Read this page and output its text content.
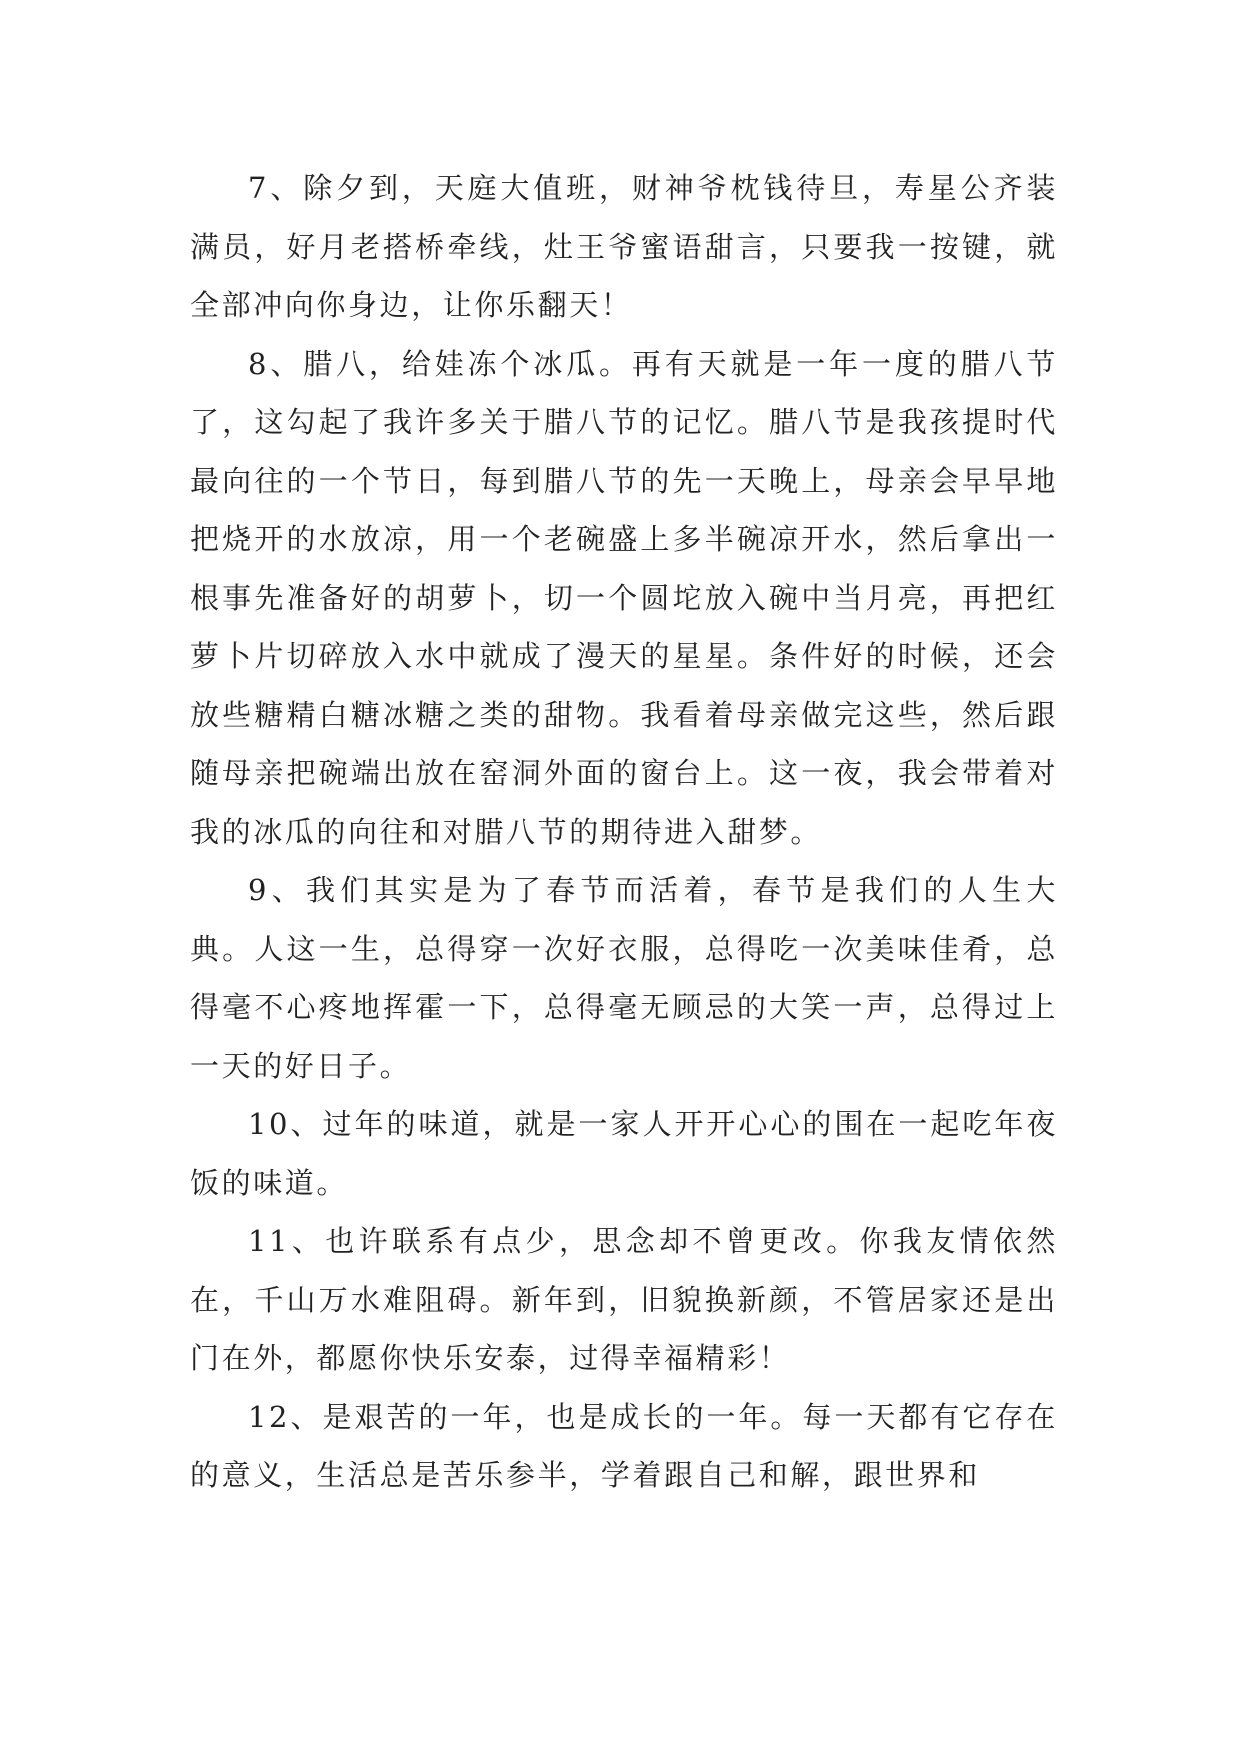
7、除夕到，天庭大值班，财神爷枕钱待旦，寿星公齐装满员，好月老搭桥牵线，灶王爷蜜语甜言，只要我一按键，就全部冲向你身边，让你乐翻天！

8、腊八，给娃冻个冰瓜。再有天就是一年一度的腊八节了，这勾起了我许多关于腊八节的记忆。腊八节是我孩提时代最向往的一个节日，每到腊八节的先一天晚上，母亲会早早地把烧开的水放凉，用一个老碗盛上多半碗凉开水，然后拿出一根事先准备好的胡萝卜，切一个圆坨放入碗中当月亮，再把红萝卜片切碎放入水中就成了漫天的星星。条件好的时候，还会放些糖精白糖冰糖之类的甜物。我看着母亲做完这些，然后跟随母亲把碗端出放在窑洞外面的窗台上。这一夜，我会带着对我的冰瓜的向往和对腊八节的期待进入甜梦。

9、我们其实是为了春节而活着，春节是我们的人生大典。人这一生，总得穿一次好衣服，总得吃一次美味佳肴，总得毫不心疼地挥霍一下，总得毫无顾忌的大笑一声，总得过上一天的好日子。

10、过年的味道，就是一家人开开心心的围在一起吃年夜饭的味道。

11、也许联系有点少，思念却不曾更改。你我友情依然在，千山万水难阻碍。新年到，旧貌换新颜，不管居家还是出门在外，都愿你快乐安泰，过得幸福精彩！

12、是艰苦的一年，也是成长的一年。每一天都有它存在的意义，生活总是苦乐参半，学着跟自己和解，跟世界和
